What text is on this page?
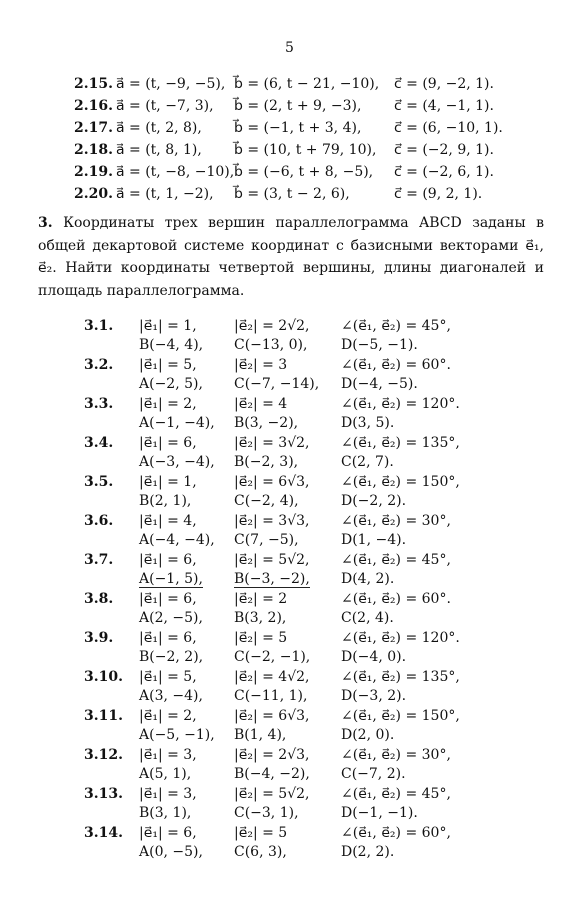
5
2.15. a⃗ = (t, −9, −5), b⃗ = (6, t − 21, −10), c⃗ = (9, −2, 1).
2.16. a⃗ = (t, −7, 3), b⃗ = (2, t + 9, −3), c⃗ = (4, −1, 1).
2.17. a⃗ = (t, 2, 8), b⃗ = (−1, t + 3, 4), c⃗ = (6, −10, 1).
2.18. a⃗ = (t, 8, 1), b⃗ = (10, t + 79, 10), c⃗ = (−2, 9, 1).
2.19. a⃗ = (t, −8, −10), b⃗ = (−6, t + 8, −5), c⃗ = (−2, 6, 1).
2.20. a⃗ = (t, 1, −2), b⃗ = (3, t − 2, 6),	c⃗ = (9, 2, 1).
3. Координаты трех вершин параллелограмма ABCD заданы в общей декартовой системе координат с базисными векторами e⃗₁, e⃗₂. Найти координаты четвертой вершины, длины диагоналей и площадь параллелограмма.
3.1. |e⃗₁| = 1,	|e⃗₂| = 2√2, ∠(e⃗₁, e⃗₂) = 45°,
B(−4, 4), C(−13, 0), D(−5, −1).
3.2. |e⃗₁| = 5,	|e⃗₂| = 3	∠(e⃗₁, e⃗₂) = 60°.
A(−2, 5), C(−7, −14), D(−4, −5).
3.3. |e⃗₁| = 2,	|e⃗₂| = 4	∠(e⃗₁, e⃗₂) = 120°.
A(−1, −4), B(3, −2),	D(3, 5).
3.4. |e⃗₁| = 6,	|e⃗₂| = 3√2, ∠(e⃗₁, e⃗₂) = 135°,
A(−3, −4), B(−2, 3),	C(2, 7).
3.5. |e⃗₁| = 1,	|e⃗₂| = 6√3, ∠(e⃗₁, e⃗₂) = 150°,
B(2, 1),	C(−2, 4),	D(−2, 2).
3.6. |e⃗₁| = 4,	|e⃗₂| = 3√3, ∠(e⃗₁, e⃗₂) = 30°,
A(−4, −4), C(7, −5),	D(1, −4).
3.7. |e⃗₁| = 6,	|e⃗₂| = 5√2, ∠(e⃗₁, e⃗₂) = 45°,
A(−1, 5), B(−3, −2), D(4, 2).
3.8. |e⃗₁| = 6,	|e⃗₂| = 2	∠(e⃗₁, e⃗₂) = 60°.
A(2, −5), B(3, 2),	C(2, 4).
3.9. |e⃗₁| = 6,	|e⃗₂| = 5	∠(e⃗₁, e⃗₂) = 120°.
B(−2, 2), C(−2, −1), D(−4, 0).
3.10. |e⃗₁| = 5,	|e⃗₂| = 4√2, ∠(e⃗₁, e⃗₂) = 135°,
A(3, −4), C(−11, 1), D(−3, 2).
3.11. |e⃗₁| = 2,	|e⃗₂| = 6√3, ∠(e⃗₁, e⃗₂) = 150°,
A(−5, −1), B(1, 4),	D(2, 0).
3.12. |e⃗₁| = 3,	|e⃗₂| = 2√3, ∠(e⃗₁, e⃗₂) = 30°,
A(5, 1),	B(−4, −2), C(−7, 2).
3.13. |e⃗₁| = 3,	|e⃗₂| = 5√2, ∠(e⃗₁, e⃗₂) = 45°,
B(3, 1),	C(−3, 1),	D(−1, −1).
3.14. |e⃗₁| = 6,	|e⃗₂| = 5	∠(e⃗₁, e⃗₂) = 60°,
A(0, −5), C(6, 3),	D(2, 2).
